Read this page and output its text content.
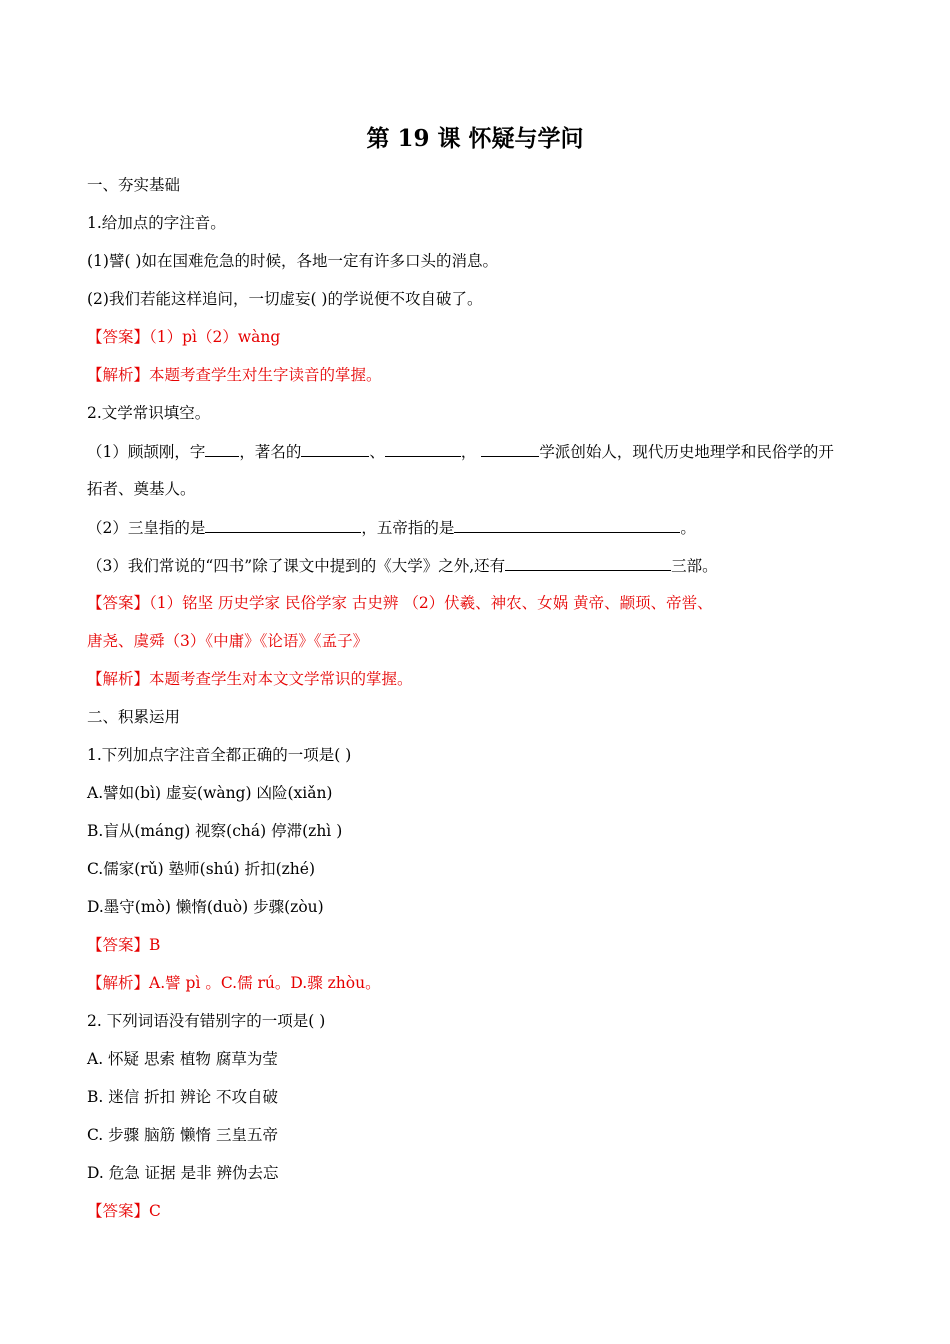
第 19 课 怀疑与学问
一、夯实基础
1.给加点的字注音。
(1)譬( )如在国难危急的时候，各地一定有许多口头的消息。
(2)我们若能这样追问，一切虚妄( )的学说便不攻自破了。
【答案】（1）pì（2）wàng
【解析】本题考查学生对生字读音的掌握。
2.文学常识填空。
（1）顾颉刚，字 ，著名的	、	，	学派创始人，现代历史地理学和民俗学的开
拓者、奠基人。
（2）三皇指的是	，五帝指的是	。
（3）我们常说的“四书”除了课文中提到的《大学》之外,还有	三部。
【答案】（1）铭坚 历史学家 民俗学家 古史辨 （2）伏羲、神农、女娲 黄帝、颛顼、帝喾、
唐尧、虞舜（3）《中庸》《论语》《孟子》
【解析】本题考查学生对本文文学常识的掌握。
二、积累运用
1.下列加点字注音全都正确的一项是( )
A.譬如(bì) 虚妄(wàng) 凶险(xiǎn)
B.盲从(máng) 视察(chá) 停滞(zhì )
C.儒家(rǔ) 塾师(shú) 折扣(zhé)
D.墨守(mò) 懒惰(duò) 步骤(zòu)
【答案】B
【解析】A.譬 pì 。C.儒 rú。D.骤 zhòu。
2. 下列词语没有错别字的一项是( )
A. 怀疑 思索 植物 腐草为莹
B. 迷信 折扣 辨论 不攻自破
C. 步骤 脑筋 懒惰 三皇五帝
D. 危急 证据 是非 辨伪去忘
【答案】C
